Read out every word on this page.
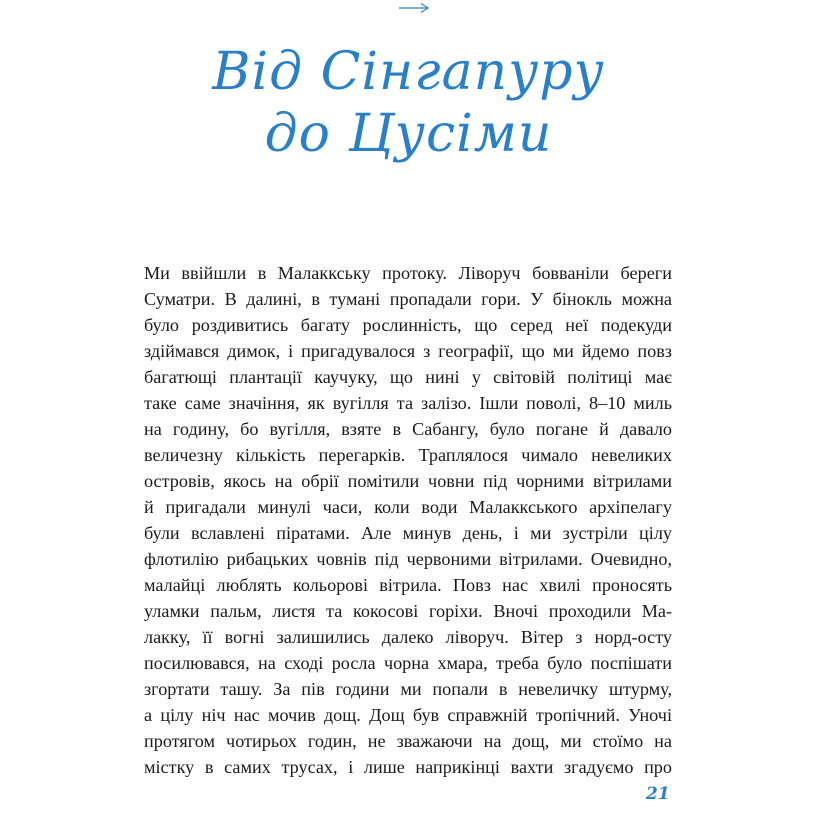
Від Сінгапуру
до Цусіми
Ми ввійшли в Малаккську протоку. Ліворуч бовваніли береги
Суматри. В далині, в тумані пропадали гори. У бінокль можна
було роздивитись багату рослинність, що серед неї подекуди
здіймався димок, і пригадувалося з географії, що ми йдемо повз
багатющі плантації каучуку, що нині у світовій політиці має
таке саме значіння, як вугілля та залізо. Ішли поволі, 8–10 миль
на годину, бо вугілля, взяте в Сабангу, було погане й давало
величезну кількість перегарків. Траплялося чимало невеликих
островів, якось на обрії помітили човни під чорними вітрилами
й пригадали минулі часи, коли води Малаккського архіпелагу
були вславлені піратами. Але минув день, і ми зустріли цілу
флотилію рибацьких човнів під червоними вітрилами. Очевидно,
малайці люблять кольорові вітрила. Повз нас хвилі проносять
уламки пальм, листя та кокосові горіхи. Вночі проходили Ма-
лакку, її вогні залишились далеко ліворуч. Вітер з норд-осту
посилювався, на сході росла чорна хмара, треба було поспішати
згортати ташу. За пів години ми попали в невеличку штурму,
а цілу ніч нас мочив дощ. Дощ був справжній тропічний. Уночі
протягом чотирьох годин, не зважаючи на дощ, ми стоїмо на
містку в самих трусах, і лише наприкінці вахти згадуємо про
21
